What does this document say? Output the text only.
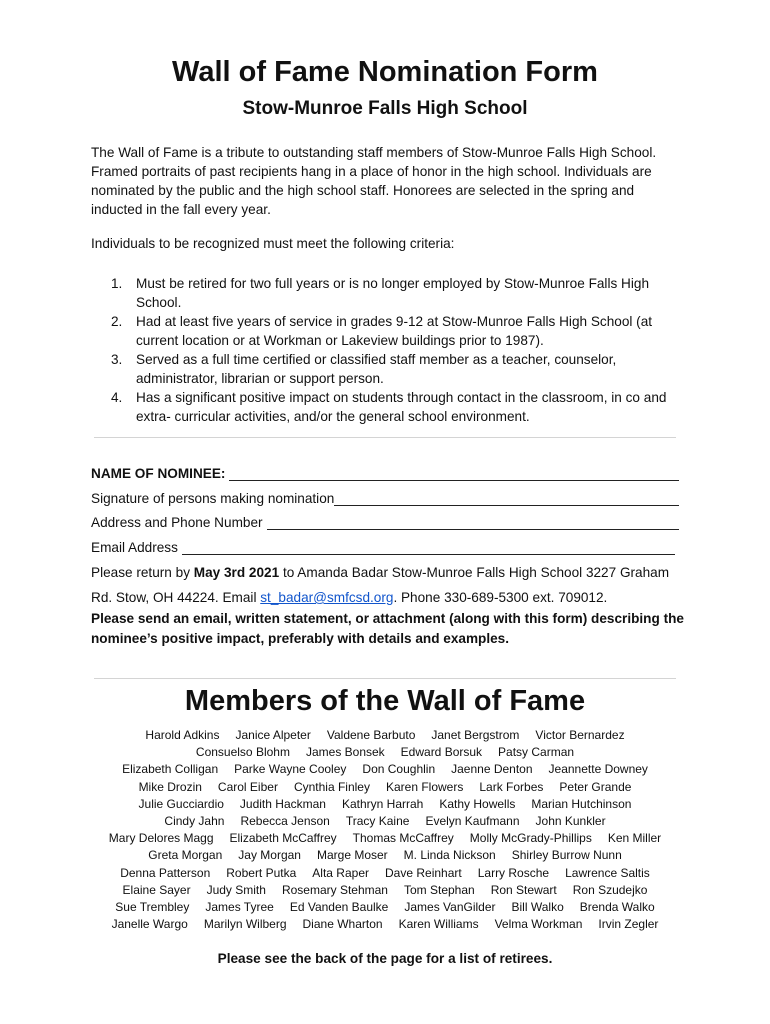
Wall of Fame Nomination Form
Stow-Munroe Falls High School
The Wall of Fame is a tribute to outstanding staff members of Stow-Munroe Falls High School. Framed portraits of past recipients hang in a place of honor in the high school. Individuals are nominated by the public and the high school staff. Honorees are selected in the spring and inducted in the fall every year.
Individuals to be recognized must meet the following criteria:
1. Must be retired for two full years or is no longer employed by Stow-Munroe Falls High School.
2. Had at least five years of service in grades 9-12 at Stow-Munroe Falls High School (at current location or at Workman or Lakeview buildings prior to 1987).
3. Served as a full time certified or classified staff member as a teacher, counselor, administrator, librarian or support person.
4. Has a significant positive impact on students through contact in the classroom, in co and extra- curricular activities, and/or the general school environment.
NAME OF NOMINEE:
Signature of persons making nomination
Address and Phone Number
Email Address
Please return by May 3rd 2021 to Amanda Badar Stow-Munroe Falls High School 3227 Graham Rd. Stow, OH 44224. Email st_badar@smfcsd.org. Phone 330-689-5300 ext. 709012.
Please send an email, written statement, or attachment (along with this form) describing the nominee’s positive impact, preferably with details and examples.
Members of the Wall of Fame
Harold Adkins Janice Alpeter Valdene Barbuto Janet Bergstrom Victor Bernardez
Consuelso Blohm James Bonsek Edward Borsuk Patsy Carman
Elizabeth Colligan Parke Wayne Cooley Don Coughlin Jaenne Denton Jeannette Downey
Mike Drozin Carol Eiber Cynthia Finley Karen Flowers Lark Forbes Peter Grande
Julie Gucciardio Judith Hackman Kathryn Harrah Kathy Howells Marian Hutchinson
Cindy Jahn Rebecca Jenson Tracy Kaine Evelyn Kaufmann John Kunkler
Mary Delores Magg Elizabeth McCaffrey Thomas McCaffrey Molly McGrady-Phillips Ken Miller
Greta Morgan Jay Morgan Marge Moser M. Linda Nickson Shirley Burrow Nunn
Denna Patterson Robert Putka Alta Raper Dave Reinhart Larry Rosche Lawrence Saltis
Elaine Sayer Judy Smith Rosemary Stehman Tom Stephan Ron Stewart Ron Szudejko
Sue Trembley James Tyree Ed Vanden Baulke James VanGilder Bill Walko Brenda Walko
Janelle Wargo Marilyn Wilberg Diane Wharton Karen Williams Velma Workman Irvin Zegler
Please see the back of the page for a list of retirees.
